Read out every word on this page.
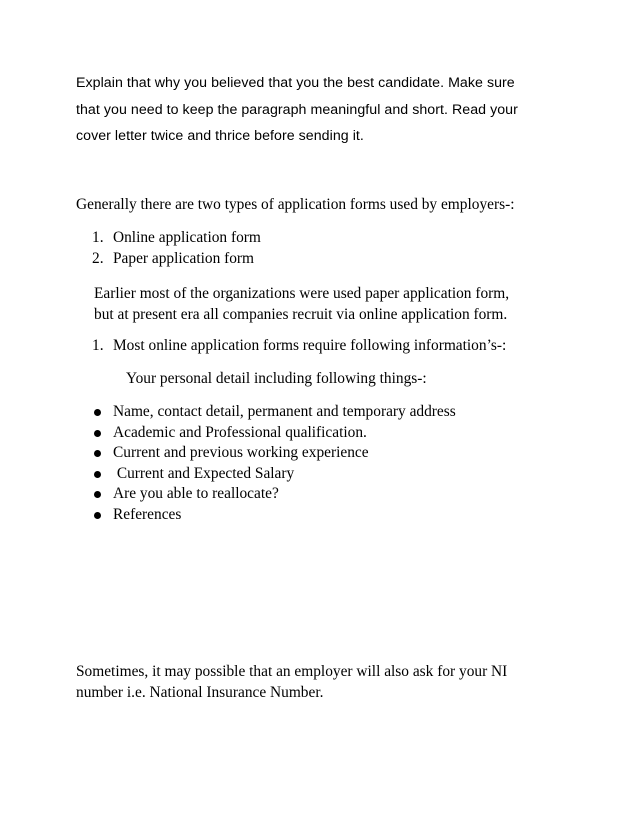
Explain that why you believed that you the best candidate. Make sure
that you need to keep the paragraph meaningful and short. Read your
cover letter twice and thrice before sending it.

Generally there are two types of application forms used by employers-:

1. Online application form
2. Paper application form

Earlier most of the organizations were used paper application form,
but at present era all companies recruit via online application form.

1. Most online application forms require following information’s-:

Your personal detail including following things-:

Name, contact detail, permanent and temporary address
Academic and Professional qualification.
Current and previous working experience
Current and Expected Salary
Are you able to reallocate?
References

Sometimes, it may possible that an employer will also ask for your NI
number i.e. National Insurance Number.
